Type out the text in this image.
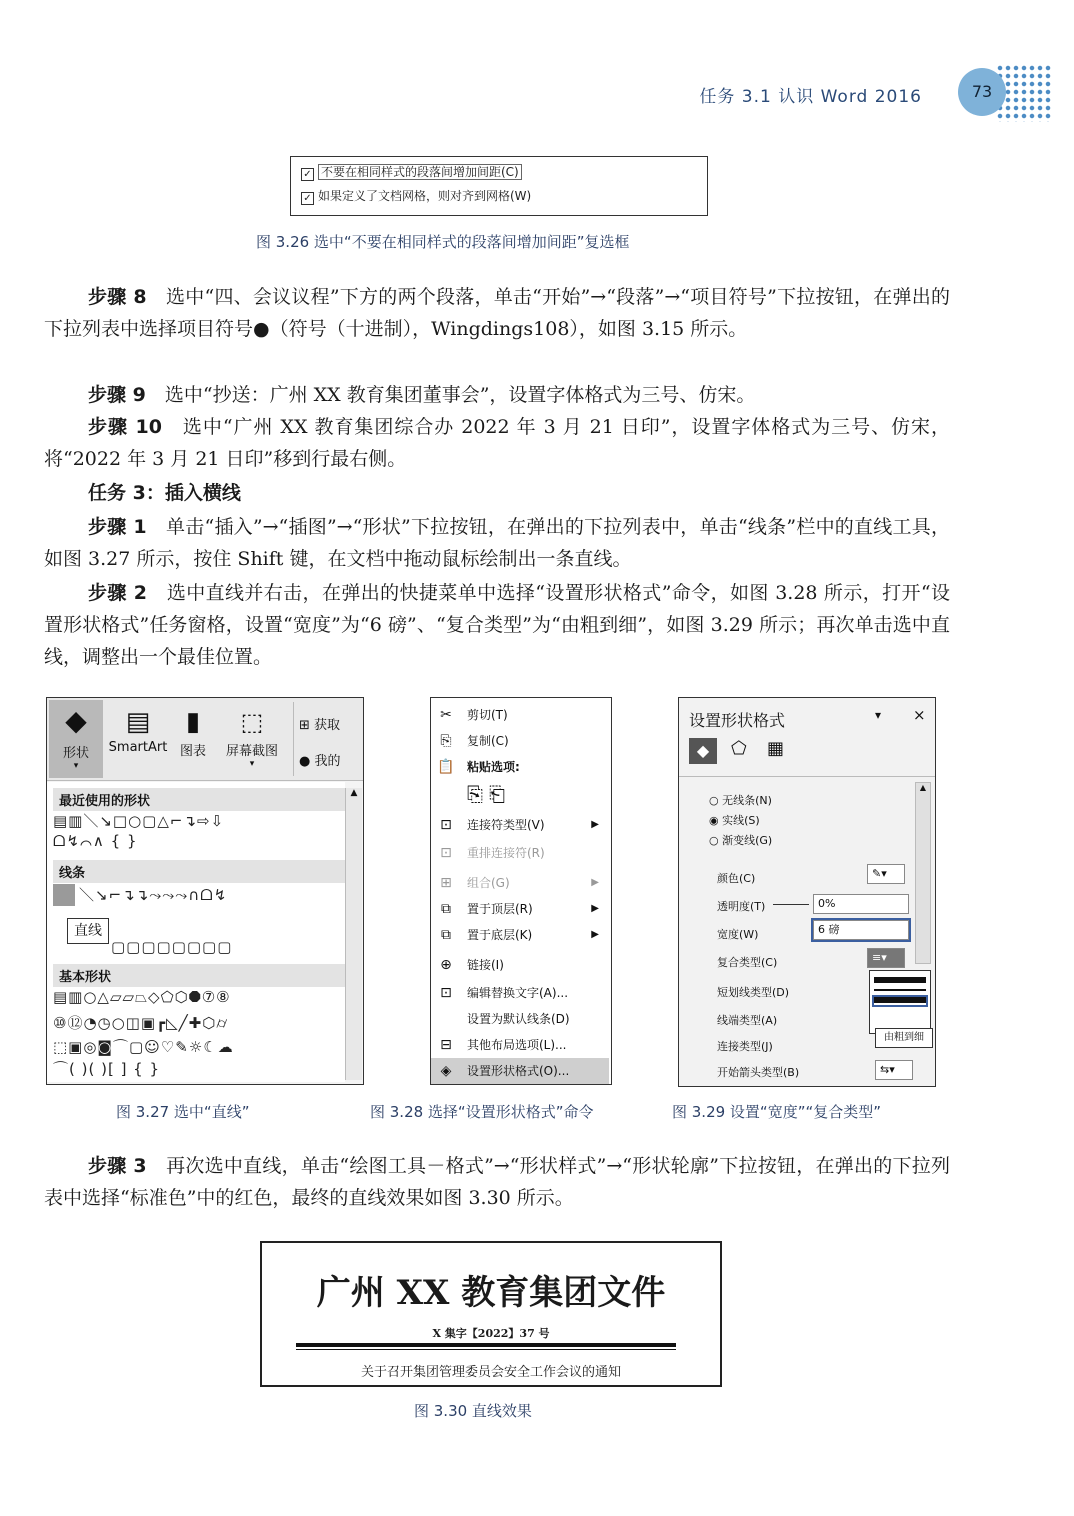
任务 3.1 认识 Word 2016	73
✓ 不要在相同样式的段落间增加间距(C)
✓ 如果定义了文档网格，则对齐到网格(W)
图 3.26 选中“不要在相同样式的段落间增加间距”复选框
步骤 8　 选中“四、会议议程”下方的两个段落，单击“开始”→“段落”→“项目符号”下拉按钮，在弹出的下拉列表中选择项目符号●（符号（十进制），Wingdings108），如图 3.15 所示。
步骤 9　 选中“抄送：广州 XX 教育集团董事会”，设置字体格式为三号、仿宋。
步骤 10　 选中“广州 XX 教育集团综合办 2022 年 3 月 21 日印”，设置字体格式为三号、仿宋，将“2022 年 3 月 21 日印”移到行最右侧。
任务 3：插入横线
步骤 1　 单击“插入”→“插图”→“形状”下拉按钮，在弹出的下拉列表中，单击“线条”栏中的直线工具，如图 3.27 所示，按住 Shift 键，在文档中拖动鼠标绘制出一条直线。
步骤 2　 选中直线并右击，在弹出的快捷菜单中选择“设置形状格式”命令，如图 3.28 所示，打开“设置形状格式”任务窗格，设置“宽度”为“6 磅”、“复合类型”为“由粗到细”，如图 3.29 所示；再次单击选中直线，调整出一个最佳位置。
◆
形状
▾
▤
SmartArt
▮
图表
⬚
屏幕截图
▾
⊞ 获取
● 我的
最近使用的形状
▤▥＼↘□○▢△⌐↴⇨⇩
ᗝ↯⌒∧ { }
线条
＼↘⌐↴↴⤳⤳⤳∩ᗝ↯
直线
▢▢▢▢▢▢▢▢
基本形状
▤▥○△▱▱⏢◇⬠⬡⯃⑦⑧
⑩⑫◔◷○◫▣┏◺╱✚⬡⌭
⬚▣◎◙⌒▢☺♡✎☼☾☁
⌒( )( )[ ] { }
▲
图 3.27 选中“直线”
✂ 剪切(T)
⎘ 复制(C)
📋 粘贴选项:
⊡ 连接符类型(V)	▶
⊡ 重排连接符(R)
⊞ 组合(G)	▶
⧉	置于顶层(R)	▶
⧉	置于底层(K)	▶
⊕ 链接(I)
⊡ 编辑替换文字(A)...
设置为默认线条(D)
⊟ 其他布局选项(L)...
◈	设置形状格式(O)...
⎘⎗
图 3.28 选择“设置形状格式”命令
设置形状格式	▾ ×
◆	⬠ ▦
○ 无线条(N)
◉ 实线(S)
○ 渐变线(G)
颜色(C)	✎▾
透明度(T)	0%
宽度(W)	6 磅
复合类型(C)	≡▾
由粗到细
短划线类型(D)
线端类型(A)
连接类型(J)
开始箭头类型(B)	⇆▾
▲
图 3.29 设置“宽度”“复合类型”
步骤 3　 再次选中直线，单击“绘图工具－格式”→“形状样式”→“形状轮廓”下拉按钮，在弹出的下拉列表中选择“标准色”中的红色，最终的直线效果如图 3.30 所示。
广州 XX 教育集团文件
X 集字【2022】37 号
关于召开集团管理委员会安全工作会议的通知
图 3.30 直线效果
